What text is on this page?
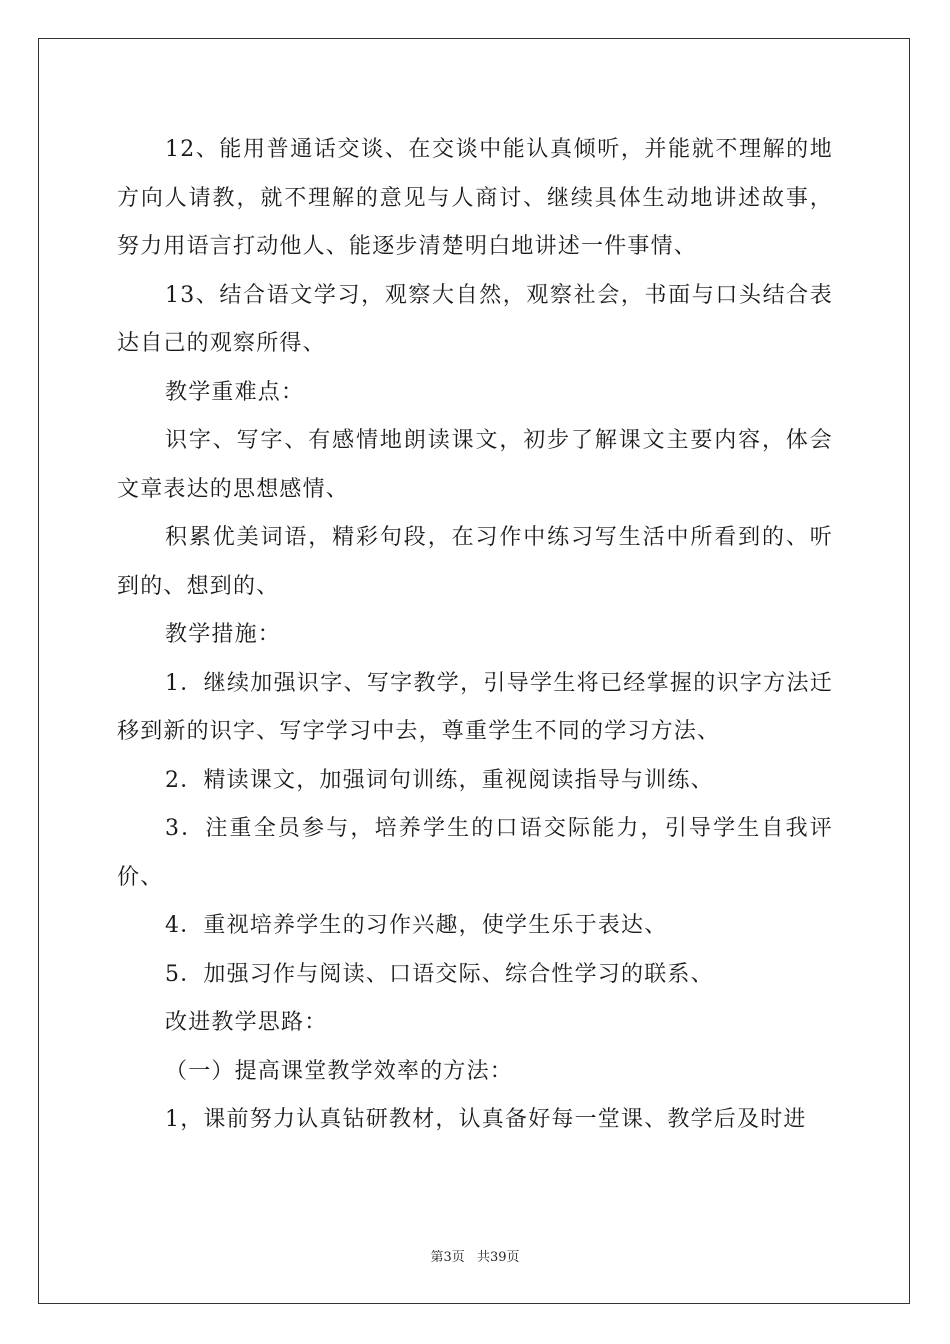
12、能用普通话交谈、在交谈中能认真倾听，并能就不理解的地方向人请教，就不理解的意见与人商讨、继续具体生动地讲述故事，努力用语言打动他人、能逐步清楚明白地讲述一件事情、

13、结合语文学习，观察大自然，观察社会，书面与口头结合表达自己的观察所得、

教学重难点：

识字、写字、有感情地朗读课文，初步了解课文主要内容，体会文章表达的思想感情、

积累优美词语，精彩句段，在习作中练习写生活中所看到的、听到的、想到的、

教学措施：

1．继续加强识字、写字教学，引导学生将已经掌握的识字方法迁移到新的识字、写字学习中去，尊重学生不同的学习方法、

2．精读课文，加强词句训练，重视阅读指导与训练、

3．注重全员参与，培养学生的口语交际能力，引导学生自我评价、

4．重视培养学生的习作兴趣，使学生乐于表达、

5．加强习作与阅读、口语交际、综合性学习的联系、

改进教学思路：

（一）提高课堂教学效率的方法：

1，课前努力认真钻研教材，认真备好每一堂课、教学后及时进

第3页 共39页
